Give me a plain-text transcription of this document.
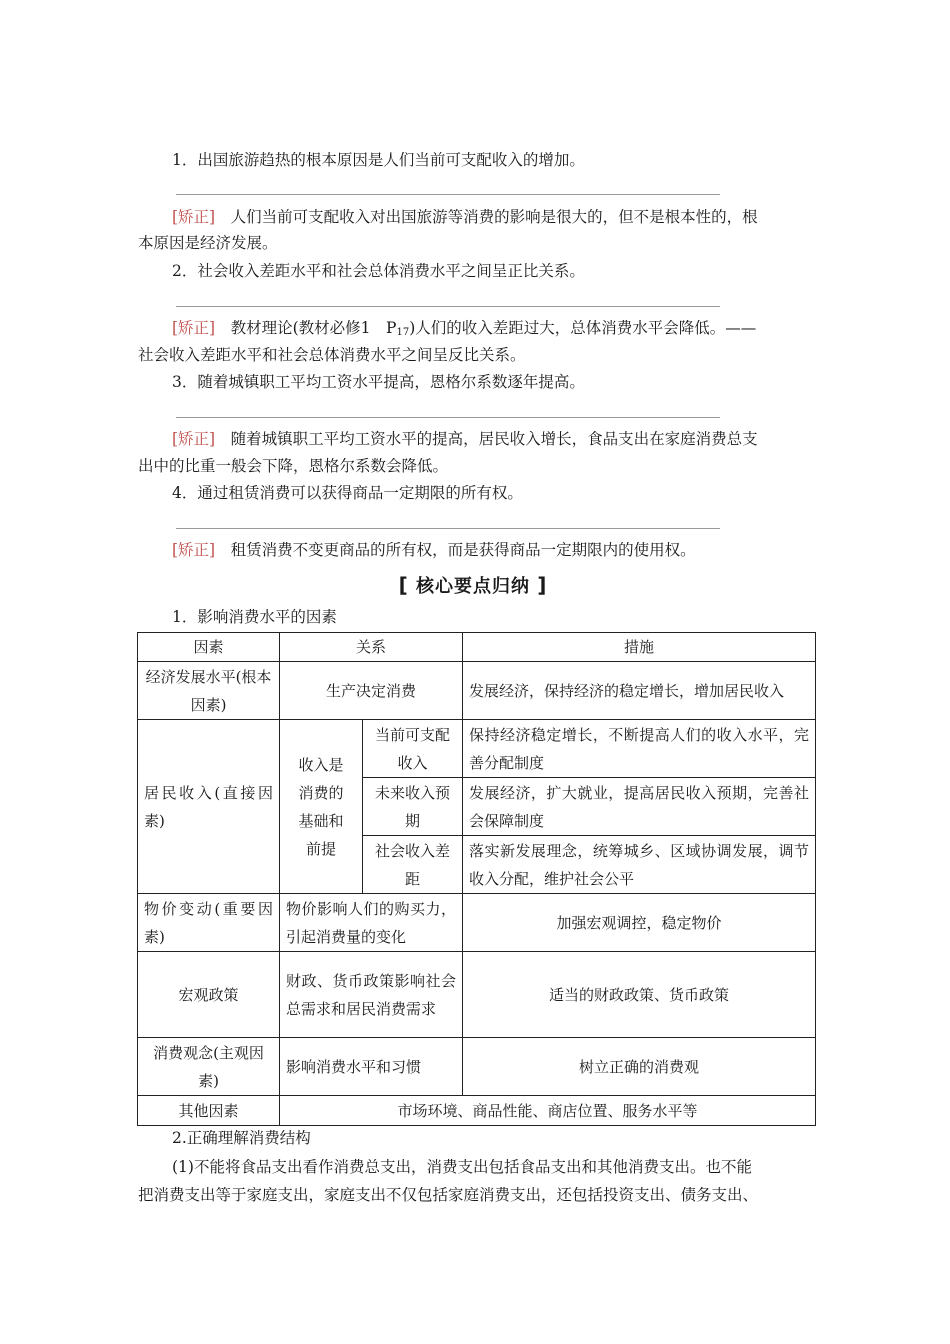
1．出国旅游趋热的根本原因是人们当前可支配收入的增加。
[矫正]　 人们当前可支配收入对出国旅游等消费的影响是很大的，但不是根本性的，根
本原因是经济发展。
2．社会收入差距水平和社会总体消费水平之间呈正比关系。
[矫正]　 教材理论(教材必修1　$P_{17}$)人们的收入差距过大，总体消费水平会降低。——
社会收入差距水平和社会总体消费水平之间呈反比关系。
3．随着城镇职工平均工资水平提高，恩格尔系数逐年提高。
[矫正]　 随着城镇职工平均工资水平的提高，居民收入增长，食品支出在家庭消费总支
出中的比重一般会下降，恩格尔系数会降低。
4．通过租赁消费可以获得商品一定期限的所有权。
[矫正]　 租赁消费不变更商品的所有权，而是获得商品一定期限内的使用权。
[ 核心要点归纳 ]
1．影响消费水平的因素
因素	关系		措施
经济发展水平(根本因素)	生产决定消费		发展经济，保持经济的稳定增长，增加居民收入
居民收入(直接因素)	收入是消费的基础和前提	当前可支配收入	保持经济稳定增长，不断提高人们的收入水平，完善分配制度
		未来收入预期	发展经济，扩大就业，提高居民收入预期，完善社会保障制度
		社会收入差距	落实新发展理念，统筹城乡、区域协调发展，调节收入分配，维护社会公平
物价变动(重要因素)	物价影响人们的购买力，引起消费量的变化		加强宏观调控，稳定物价
宏观政策	财政、货币政策影响社会总需求和居民消费需求		适当的财政政策、货币政策
消费观念(主观因素)	影响消费水平和习惯		树立正确的消费观
其他因素	市场环境、商品性能、商店位置、服务水平等		
2.正确理解消费结构
(1)不能将食品支出看作消费总支出，消费支出包括食品支出和其他消费支出。也不能
把消费支出等于家庭支出，家庭支出不仅包括家庭消费支出，还包括投资支出、债务支出、
